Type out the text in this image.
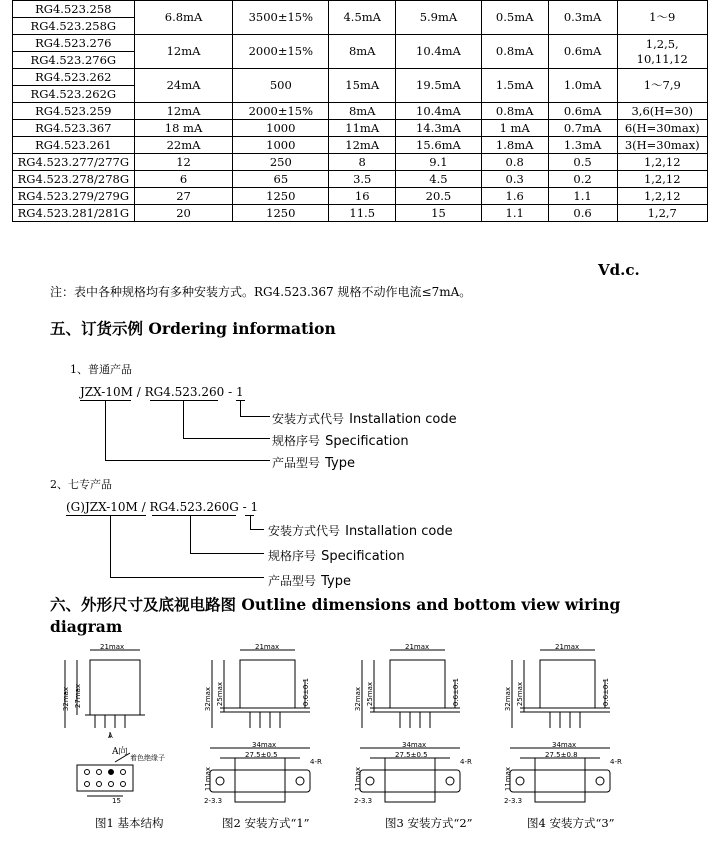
RG4.523.258	6.8mA	3500±15%	4.5mA	5.9mA	0.5mA	0.3mA	1～9
RG4.523.258G							
RG4.523.276	12mA	2000±15%	8mA	10.4mA	0.8mA	0.6mA	1,2,5,
10,11,12
RG4.523.276G							
RG4.523.262	24mA	500	15mA	19.5mA	1.5mA	1.0mA	1～7,9
RG4.523.262G							
RG4.523.259	12mA	2000±15%	8mA	10.4mA	0.8mA	0.6mA	3,6(H=30)
RG4.523.367	18 mA	1000	11mA	14.3mA	1 mA	0.7mA	6(H=30max)
RG4.523.261	22mA	1000	12mA	15.6mA	1.8mA	1.3mA	3(H=30max)
RG4.523.277/277G	12	250	8	9.1	0.8	0.5	1,2,12
RG4.523.278/278G	6	65	3.5	4.5	0.3	0.2	1,2,12
RG4.523.279/279G	27	1250	16	20.5	1.6	1.1	1,2,12
RG4.523.281/281G	20	1250	11.5	15	1.1	0.6	1,2,7
Vd.c.
注：表中各种规格均有多种安装方式。RG4.523.367 规格不动作电流≤7mA。
五、订货示例 Ordering information
1、普通产品
JZX-10M / RG4.523.260 - 1
安装方式代号 Installation code
规格序号 Specification
产品型号 Type
2、七专产品
(G)JZX-10M / RG4.523.260G - 1
安装方式代号 Installation code
规格序号 Specification
产品型号 Type
六、外形尺寸及底视电路图 Outline dimensions and bottom view wiring diagram
21max
32max 27max
A
A向
着色绝缘子
15
图1 基本结构
21max
32max 25max	0.6±0.1
34max
27.5±0.5
4-R
2-3.3
11max
图2 安装方式“1”
21max
32max 25max	0.6±0.1
34max
27.5±0.5
4-R
2-3.3
11max
图3 安装方式“2”
21max
32max 25max	0.6±0.1
34max
27.5±0.8
4-R
2-3.3
11max
图4 安装方式“3”
